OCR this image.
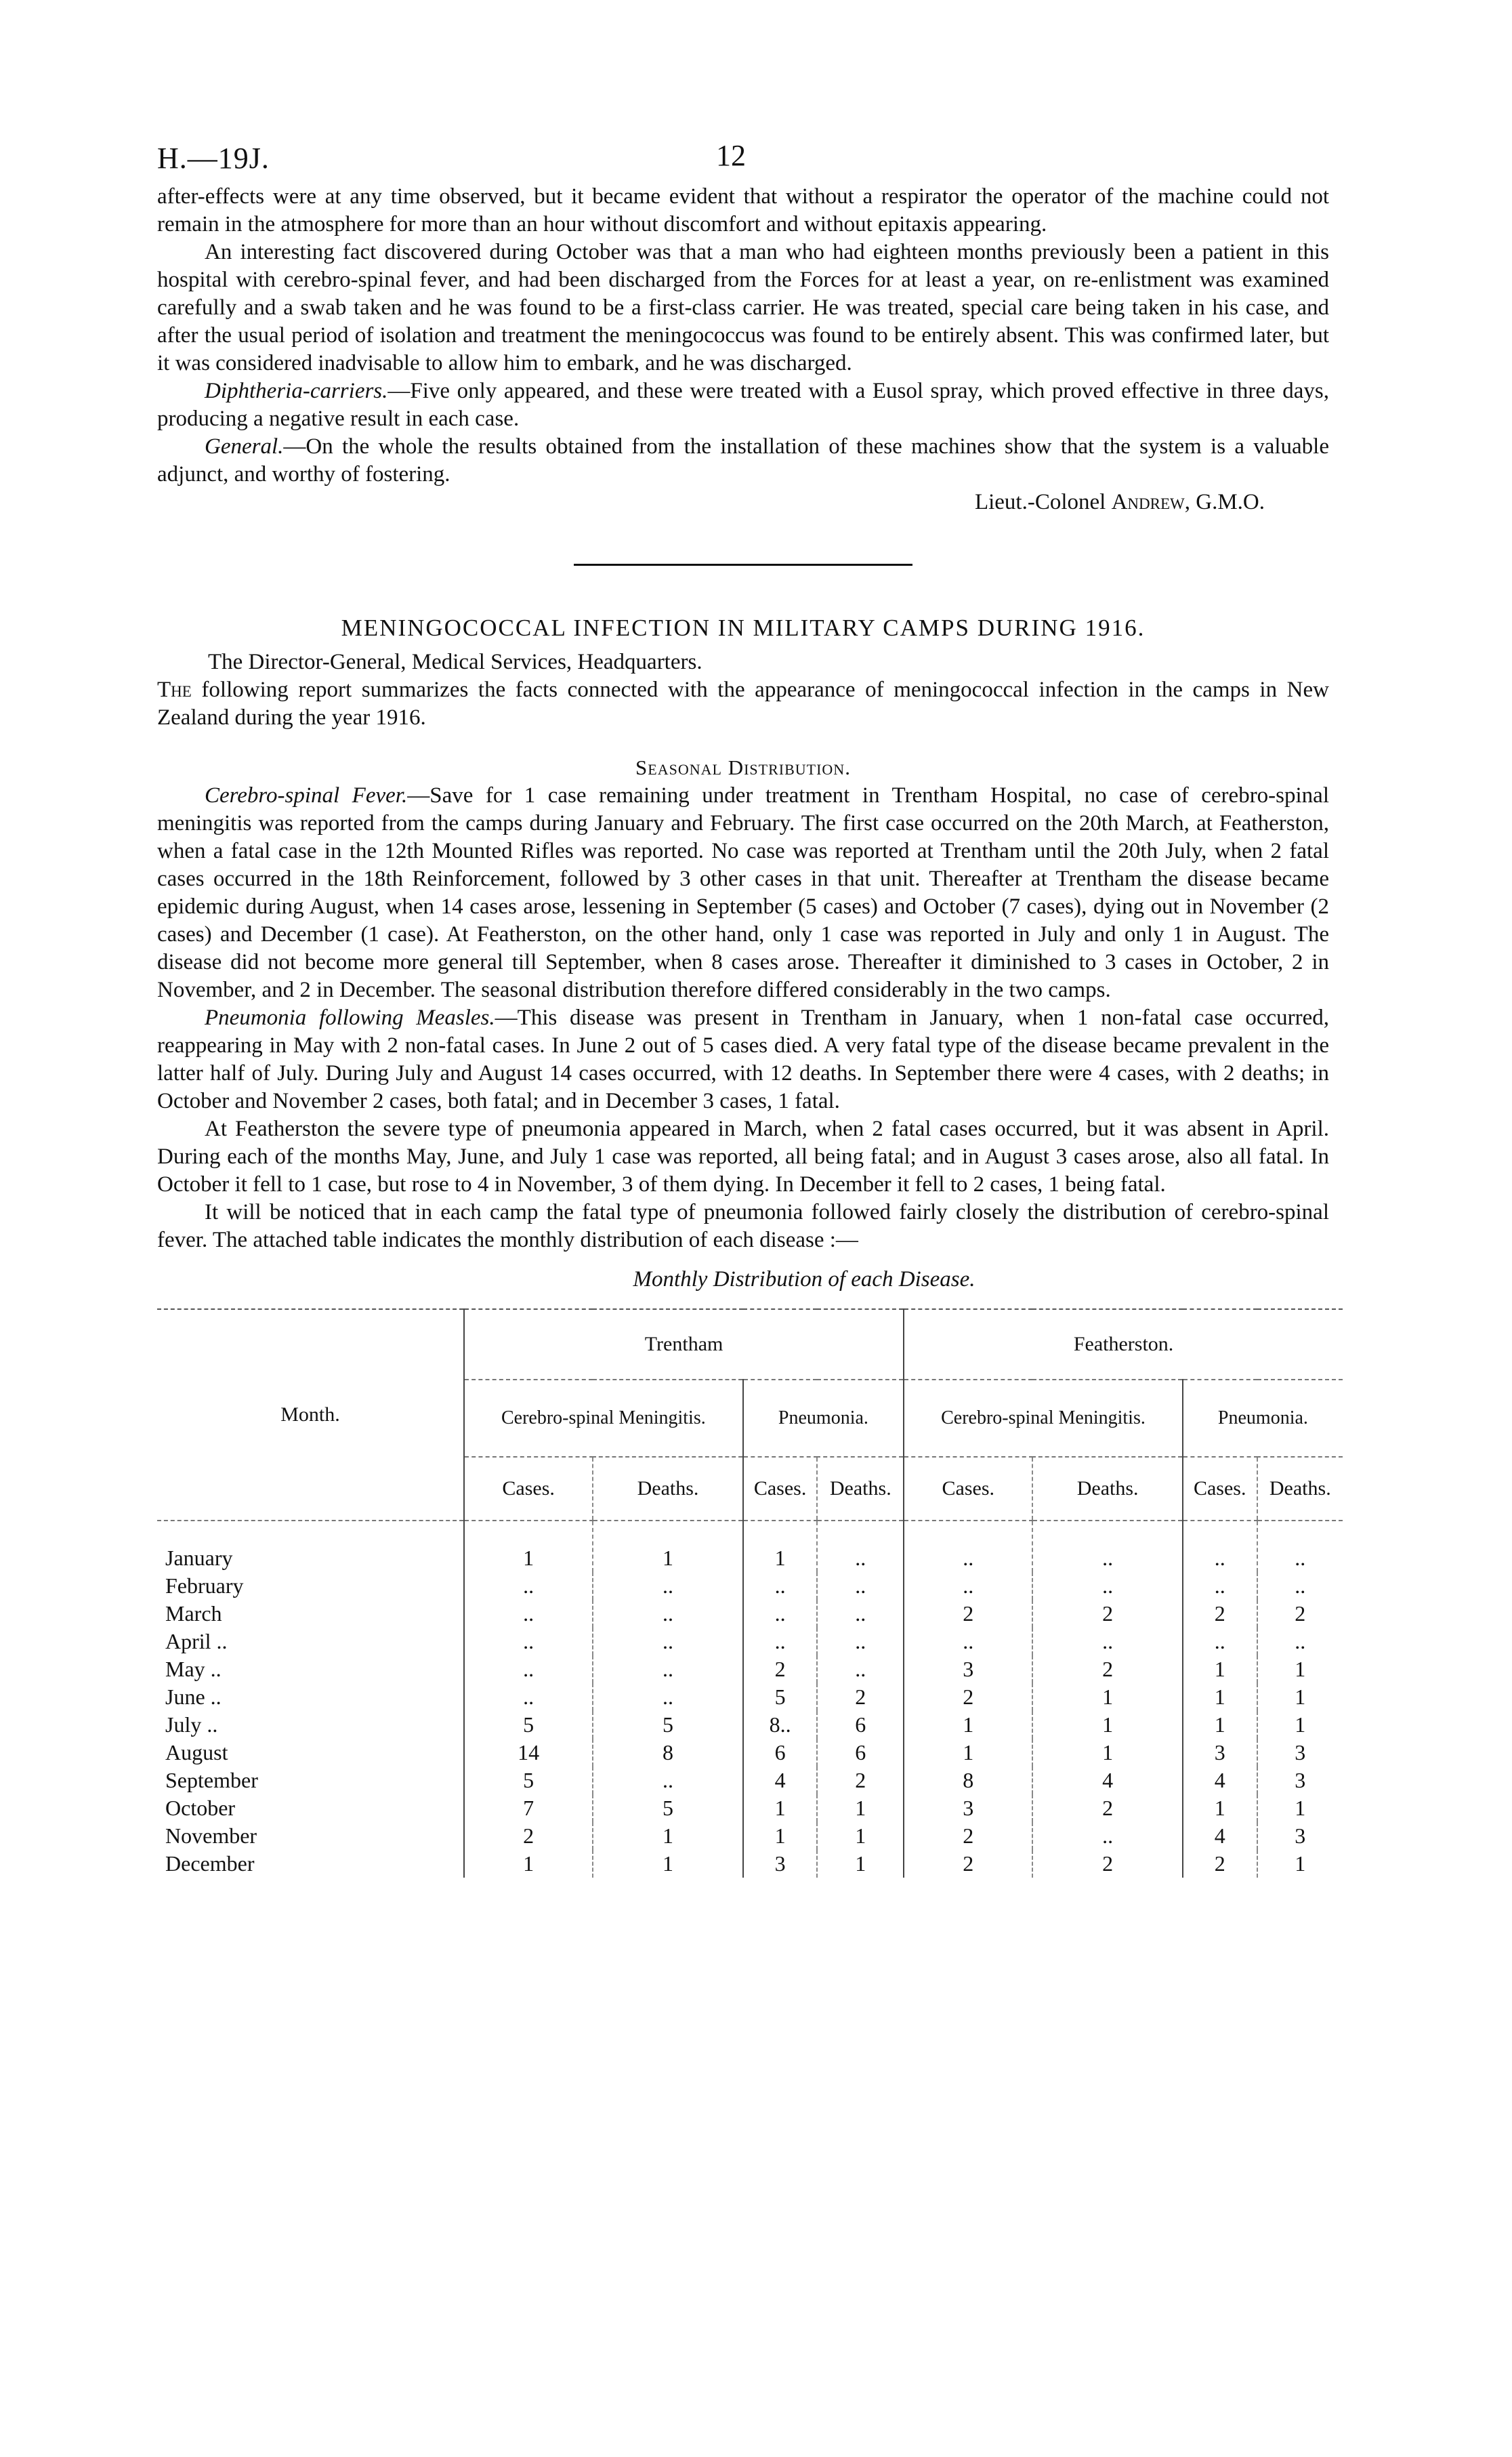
H.—19J.	12

after-effects were at any time observed, but it became evident that without a respirator the operator of the machine could not remain in the atmosphere for more than an hour without discomfort and without epitaxis appearing.

An interesting fact discovered during October was that a man who had eighteen months previously been a patient in this hospital with cerebro-spinal fever, and had been discharged from the Forces for at least a year, on re-enlistment was examined carefully and a swab taken and he was found to be a first-class carrier. He was treated, special care being taken in his case, and after the usual period of isolation and treatment the meningococcus was found to be entirely absent. This was confirmed later, but it was considered inadvisable to allow him to embark, and he was discharged.

Diphtheria-carriers.—Five only appeared, and these were treated with a Eusol spray, which proved effective in three days, producing a negative result in each case.

General.—On the whole the results obtained from the installation of these machines show that the system is a valuable adjunct, and worthy of fostering.

Lieut.-Colonel Andrew, G.M.O.

MENINGOCOCCAL INFECTION IN MILITARY CAMPS DURING 1916.

The Director-General, Medical Services, Headquarters.

The following report summarizes the facts connected with the appearance of meningococcal infection in the camps in New Zealand during the year 1916.

Seasonal Distribution.

Cerebro-spinal Fever.—Save for 1 case remaining under treatment in Trentham Hospital, no case of cerebro-spinal meningitis was reported from the camps during January and February. The first case occurred on the 20th March, at Featherston, when a fatal case in the 12th Mounted Rifles was reported. No case was reported at Trentham until the 20th July, when 2 fatal cases occurred in the 18th Reinforcement, followed by 3 other cases in that unit. Thereafter at Trentham the disease became epidemic during August, when 14 cases arose, lessening in September (5 cases) and October (7 cases), dying out in November (2 cases) and December (1 case). At Featherston, on the other hand, only 1 case was reported in July and only 1 in August. The disease did not become more general till September, when 8 cases arose. Thereafter it diminished to 3 cases in October, 2 in November, and 2 in December. The seasonal distribution therefore differed considerably in the two camps.

Pneumonia following Measles.—This disease was present in Trentham in January, when 1 non-fatal case occurred, reappearing in May with 2 non-fatal cases. In June 2 out of 5 cases died. A very fatal type of the disease became prevalent in the latter half of July. During July and August 14 cases occurred, with 12 deaths. In September there were 4 cases, with 2 deaths; in October and November 2 cases, both fatal; and in December 3 cases, 1 fatal.

At Featherston the severe type of pneumonia appeared in March, when 2 fatal cases occurred, but it was absent in April. During each of the months May, June, and July 1 case was reported, all being fatal; and in August 3 cases arose, also all fatal. In October it fell to 1 case, but rose to 4 in November, 3 of them dying. In December it fell to 2 cases, 1 being fatal.

It will be noticed that in each camp the fatal type of pneumonia followed fairly closely the distribution of cerebro-spinal fever. The attached table indicates the monthly distribution of each disease :—

Monthly Distribution of each Disease.
Month.	Trentham				Featherston.			
	Cerebro-spinal Meningitis.		Pneumonia.		Cerebro-spinal Meningitis.		Pneumonia.	
	Cases.	Deaths.	Cases.	Deaths.	Cases.	Deaths.	Cases.	Deaths.
January	1	1	1	..	..	..	..	..
February	..	..	..	..	..	..	..	..
March	..	..	..	..	2	2	2	2
April ..	..	..	..	..	..	..	..	..
May ..	..	..	2	..	3	2	1	1
June ..	..	..	5	2	2	1	1	1
July ..	5	5	8..	6	1	1	1	1
August	14	8	6	6	1	1	3	3
September	5	..	4	2	8	4	4	3
October	7	5	1	1	3	2	1	1
November	2	1	1	1	2	..	4	3
December	1	1	3	1	2	2	2	1
